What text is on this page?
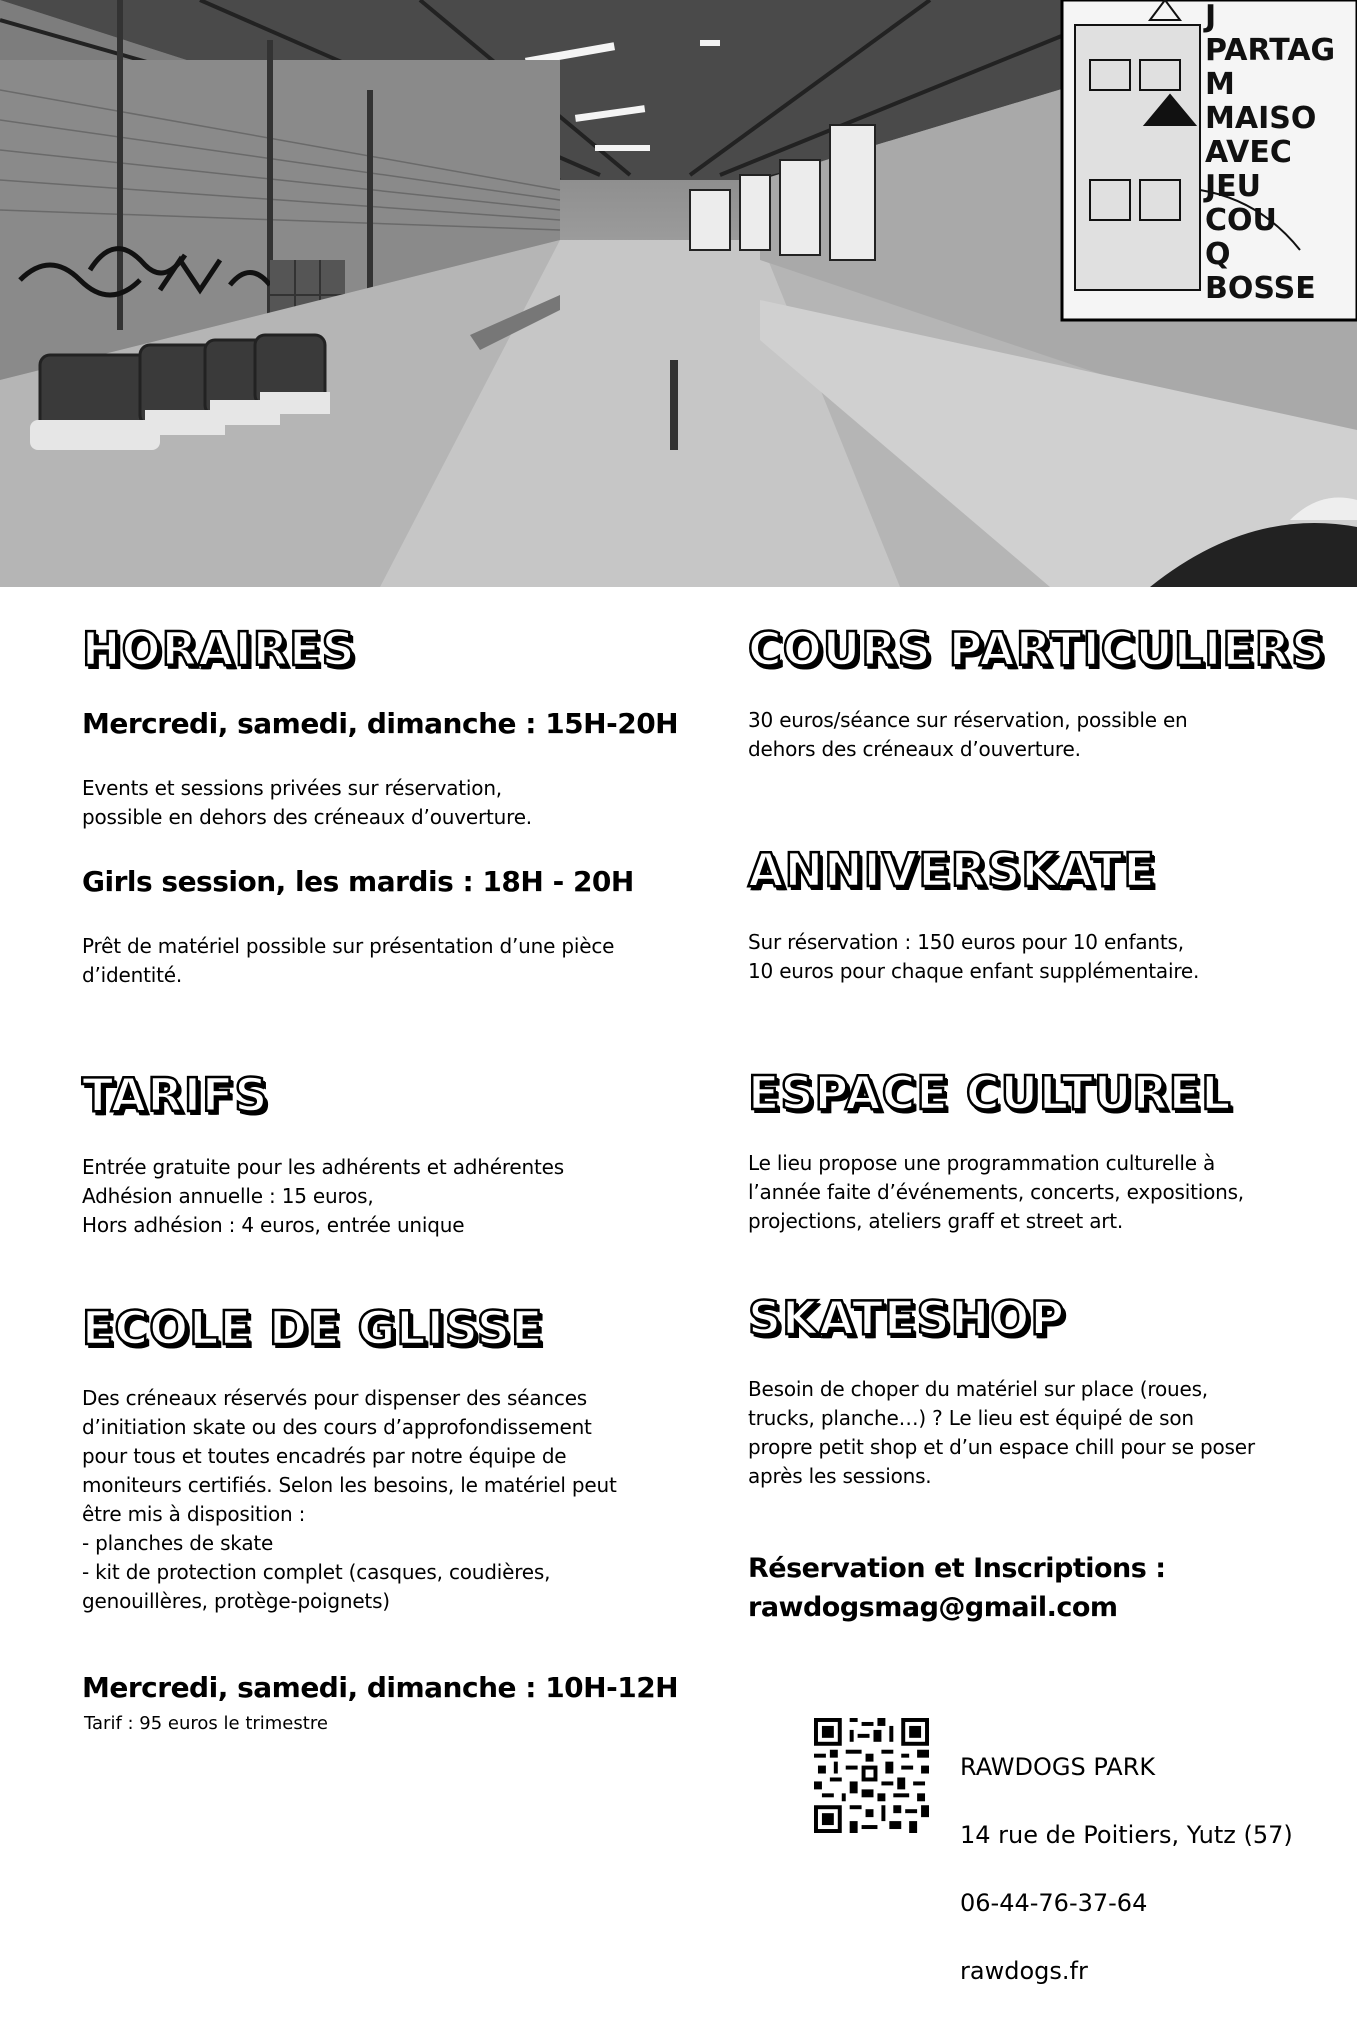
J
PARTAG
M
MAISO
AVEC
JEU
COU
Q
BOSSE
HORAIRES
Mercredi, samedi, dimanche : 15H-20H
Events et sessions privées sur réservation,
possible en dehors des créneaux d’ouverture.
Girls session, les mardis : 18H - 20H
Prêt de matériel possible sur présentation d’une pièce
d’identité.
TARIFS
Entrée gratuite pour les adhérents et adhérentes
Adhésion annuelle : 15 euros,
Hors adhésion : 4 euros, entrée unique
ECOLE DE GLISSE
Des créneaux réservés pour dispenser des séances
d’initiation skate ou des cours d’approfondissement
pour tous et toutes encadrés par notre équipe de
moniteurs certifiés. Selon les besoins, le matériel peut
être mis à disposition :
- planches de skate
- kit de protection complet (casques, coudières,
genouillères, protège-poignets)
Mercredi, samedi, dimanche : 10H-12H
Tarif : 95 euros le trimestre
COURS PARTICULIERS
30 euros/séance sur réservation, possible en
dehors des créneaux d’ouverture.
ANNIVERSKATE
Sur réservation : 150 euros pour 10 enfants,
10 euros pour chaque enfant supplémentaire.
ESPACE CULTUREL
Le lieu propose une programmation culturelle à
l’année faite d’événements, concerts, expositions,
projections, ateliers graff et street art.
SKATESHOP
Besoin de choper du matériel sur place (roues,
trucks, planche…) ? Le lieu est équipé de son
propre petit shop et d’un espace chill pour se poser
après les sessions.
Réservation et Inscriptions :
rawdogsmag@gmail.com

RAWDOGS PARK

14 rue de Poitiers, Yutz (57)

06-44-76-37-64

rawdogs.fr
